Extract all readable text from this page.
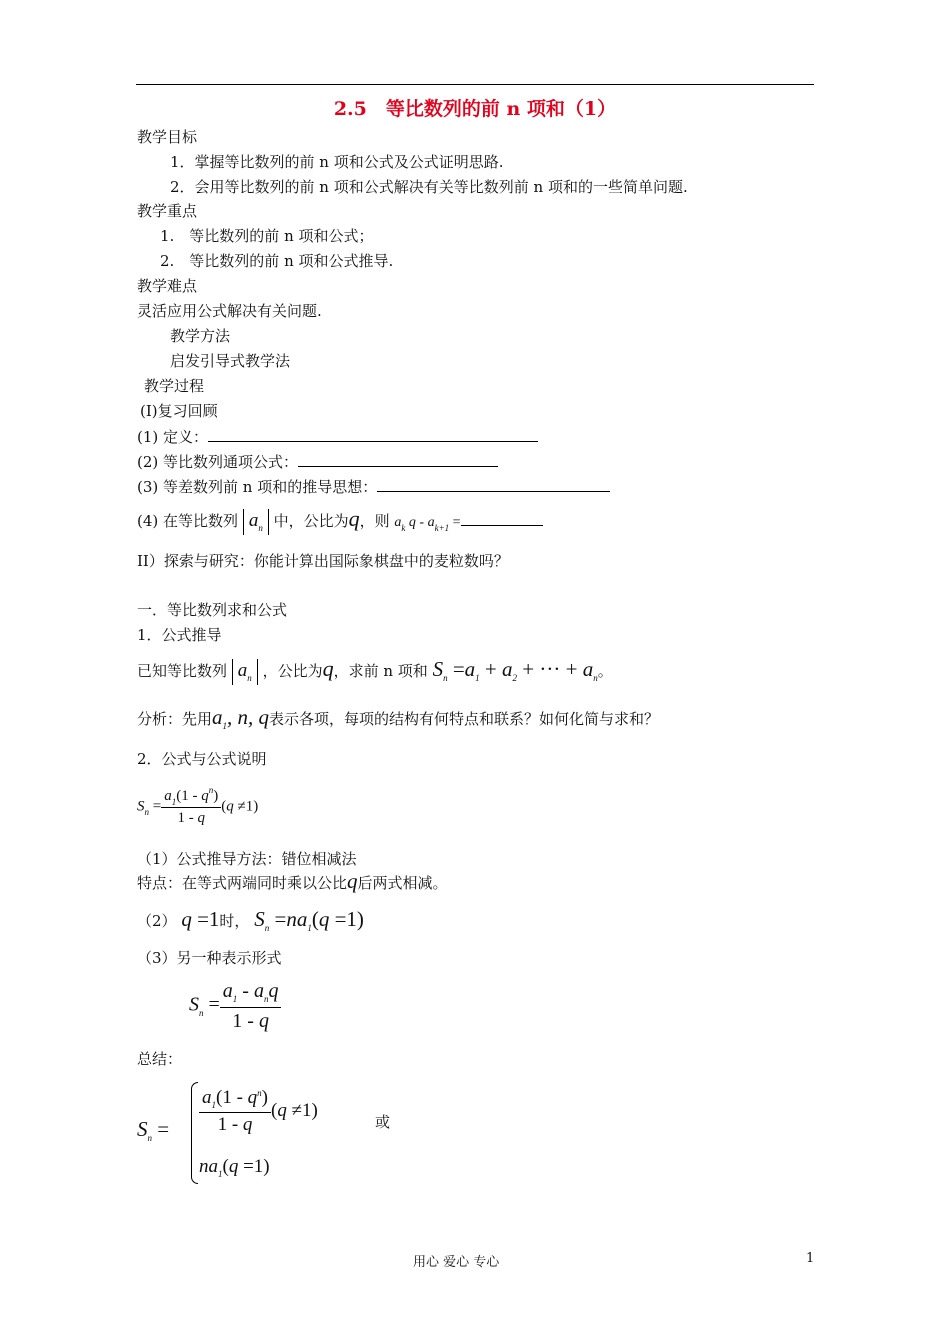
2.5　等比数列的前 n 项和（1）
教学目标
1．掌握等比数列的前 n 项和公式及公式证明思路.
2．会用等比数列的前 n 项和公式解决有关等比数列前 n 项和的一些简单问题.
教学重点
1.　等比数列的前 n 项和公式；
2.　等比数列的前 n 项和公式推导.
教学难点
灵活应用公式解决有关问题.
教学方法
启发引导式教学法
教学过程
(I)复习回顾
(1) 定义：
(2) 等比数列通项公式：
(3) 等差数列前 n 项和的推导思想：
(4) 在等比数列 $a_n$ 中，公比为q，则 $a_k$ q - $a_{k+1}$ =
II）探索与研究：你能计算出国际象棋盘中的麦粒数吗？
一．等比数列求和公式
1．公式推导
已知等比数列 $a_n$ ，公比为q，求前 n 项和 $S_n =a_1 + a_2$ + ··· + $a_n$。
分析：先用$a_1$, n, q表示各项，每项的结构有何特点和联系？如何化简与求和？
2．公式与公式说明
$S_n = \frac{a_1(1 - q^n)}{1 - q} (q \ne 1)$
（1）公式推导方法：错位相减法
特点：在等式两端同时乘以公比q后两式相减。
（2） q =1时， $S_n =na_1(q =1)$
（3）另一种表示形式
$S_n = \frac{a_1 - a_nq}{1 - q}$
总结：
$S_n = \frac{a_1(1 - q^n)}{1 - q} (q \ne 1)$
$na_1(q =1)$
或
用心 爱心 专心	1
